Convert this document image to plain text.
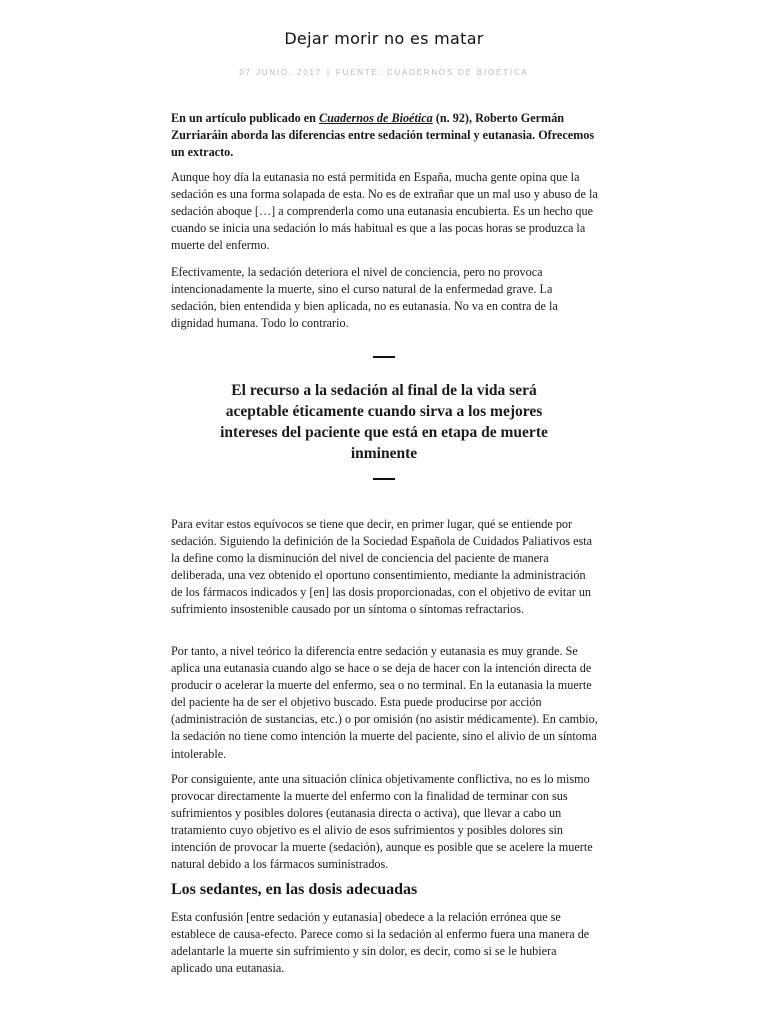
Dejar morir no es matar
07 JUNIO, 2017 | FUENTE: CUADERNOS DE BIOÉTICA

En un artículo publicado en Cuadernos de Bioética (n. 92), Roberto Germán Zurriaráin aborda las diferencias entre sedación terminal y eutanasia. Ofrecemos un extracto.

Aunque hoy día la eutanasia no está permitida en España, mucha gente opina que la sedación es una forma solapada de esta. No es de extrañar que un mal uso y abuso de la sedación aboque […] a comprenderla como una eutanasia encubierta. Es un hecho que cuando se inicia una sedación lo más habitual es que a las pocas horas se produzca la muerte del enfermo.

Efectivamente, la sedación deteriora el nivel de conciencia, pero no provoca intencionadamente la muerte, sino el curso natural de la enfermedad grave. La sedación, bien entendida y bien aplicada, no es eutanasia. No va en contra de la dignidad humana. Todo lo contrario.

El recurso a la sedación al final de la vida será aceptable éticamente cuando sirva a los mejores intereses del paciente que está en etapa de muerte inminente

Para evitar estos equívocos se tiene que decir, en primer lugar, qué se entiende por sedación. Siguiendo la definición de la Sociedad Española de Cuidados Paliativos esta la define como la disminución del nivel de conciencia del paciente de manera deliberada, una vez obtenido el oportuno consentimiento, mediante la administración de los fármacos indicados y [en] las dosis proporcionadas, con el objetivo de evitar un sufrimiento insostenible causado por un síntoma o síntomas refractarios.

Por tanto, a nivel teórico la diferencia entre sedación y eutanasia es muy grande. Se aplica una eutanasia cuando algo se hace o se deja de hacer con la intención directa de producir o acelerar la muerte del enfermo, sea o no terminal. En la eutanasia la muerte del paciente ha de ser el objetivo buscado. Esta puede producirse por acción (administración de sustancias, etc.) o por omisión (no asistir médicamente). En cambio, la sedación no tiene como intención la muerte del paciente, sino el alivio de un síntoma intolerable.

Por consiguiente, ante una situación clínica objetivamente conflictiva, no es lo mismo provocar directamente la muerte del enfermo con la finalidad de terminar con sus sufrimientos y posibles dolores (eutanasia directa o activa), que llevar a cabo un tratamiento cuyo objetivo es el alivio de esos sufrimientos y posibles dolores sin intención de provocar la muerte (sedación), aunque es posible que se acelere la muerte natural debido a los fármacos suministrados.

Los sedantes, en las dosis adecuadas

Esta confusión [entre sedación y eutanasia] obedece a la relación errónea que se establece de causa-efecto. Parece como si la sedación al enfermo fuera una manera de adelantarle la muerte sin sufrimiento y sin dolor, es decir, como si se le hubiera aplicado una eutanasia.
